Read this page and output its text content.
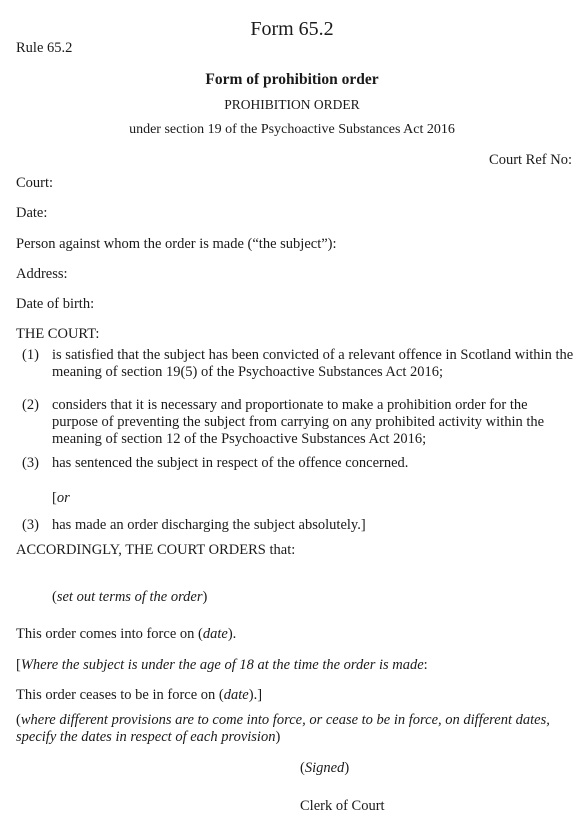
Form 65.2
Rule 65.2
Form of prohibition order
PROHIBITION ORDER
under section 19 of the Psychoactive Substances Act 2016
Court Ref No:
Court:
Date:
Person against whom the order is made (“the subject”):
Address:
Date of birth:
THE COURT:
(1) is satisfied that the subject has been convicted of a relevant offence in Scotland within the meaning of section 19(5) of the Psychoactive Substances Act 2016;
(2) considers that it is necessary and proportionate to make a prohibition order for the purpose of preventing the subject from carrying on any prohibited activity within the meaning of section 12 of the Psychoactive Substances Act 2016;
(3) has sentenced the subject in respect of the offence concerned.
[or
(3) has made an order discharging the subject absolutely.]
ACCORDINGLY, THE COURT ORDERS that:
(set out terms of the order)
This order comes into force on (date).
[Where the subject is under the age of 18 at the time the order is made:
This order ceases to be in force on (date).]
(where different provisions are to come into force, or cease to be in force, on different dates, specify the dates in respect of each provision)
(Signed)
Clerk of Court
